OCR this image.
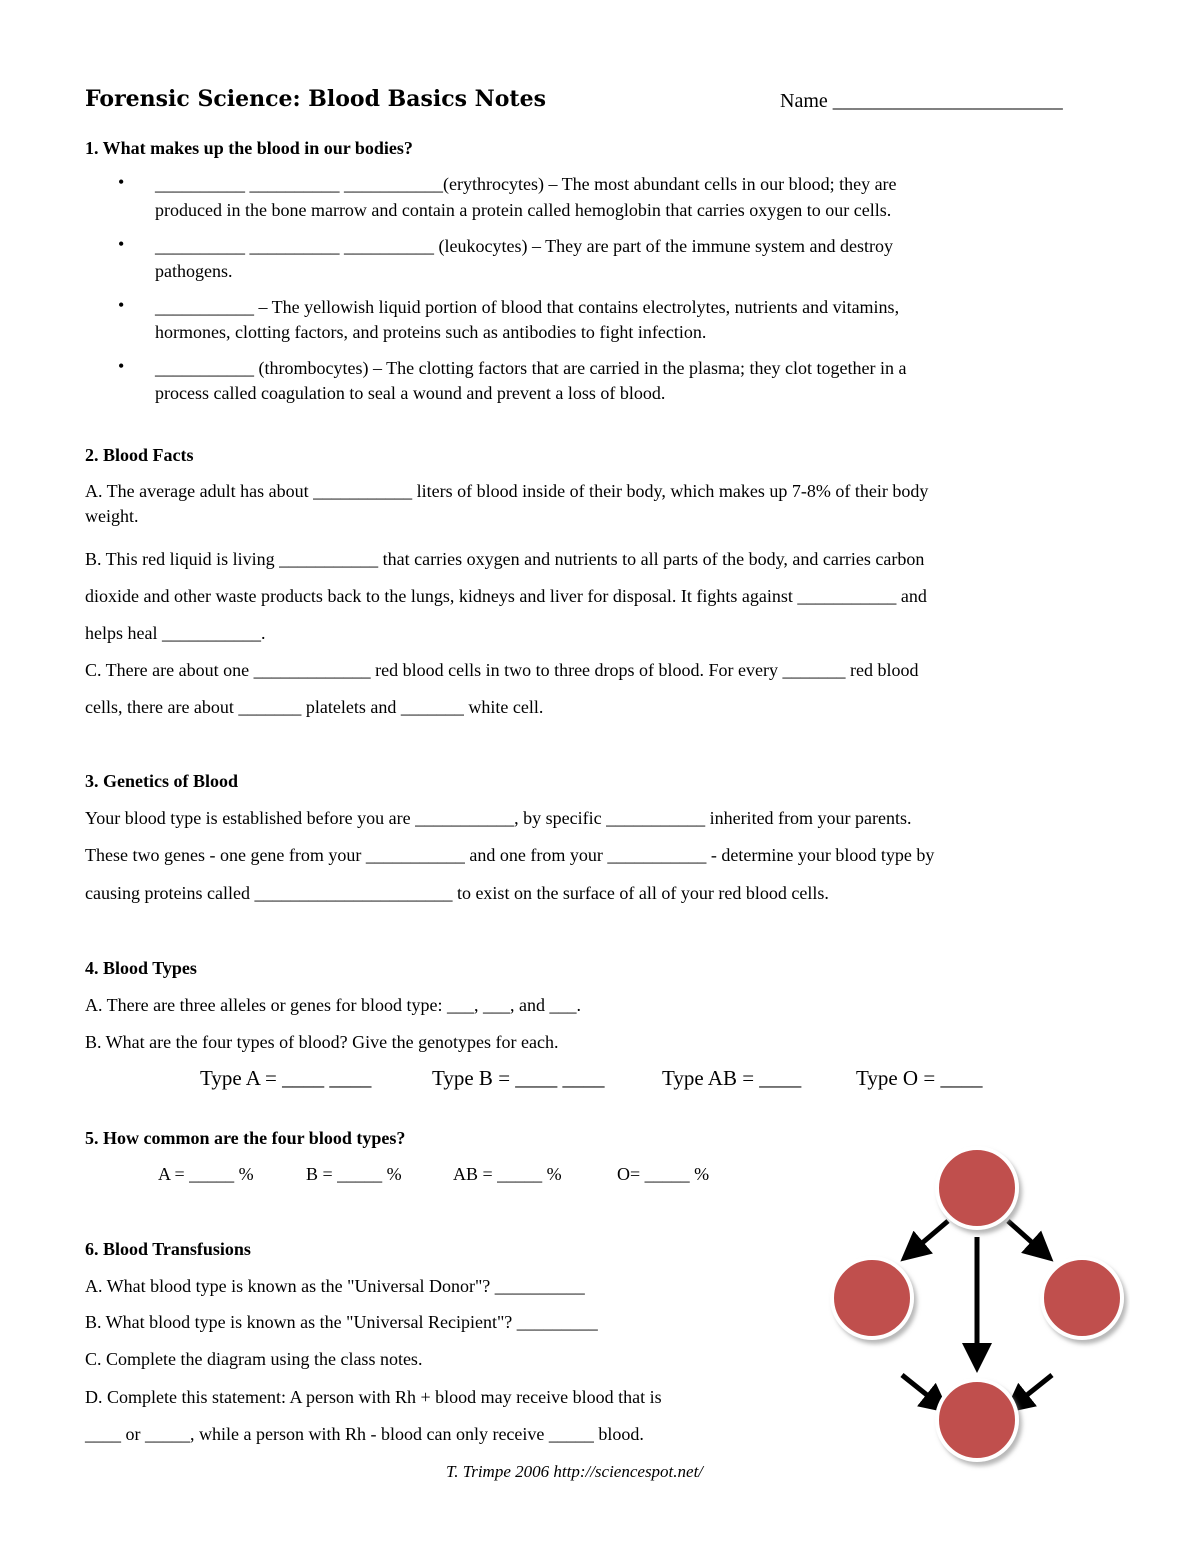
Forensic Science: Blood Basics Notes	Name _______________________
1. What makes up the blood in our bodies?
• __________ __________ ___________(erythrocytes) – The most abundant cells in our blood; they are
produced in the bone marrow and contain a protein called hemoglobin that carries oxygen to our cells.
• __________ __________ __________ (leukocytes) – They are part of the immune system and destroy
pathogens.
• ___________ – The yellowish liquid portion of blood that contains electrolytes, nutrients and vitamins,
hormones, clotting factors, and proteins such as antibodies to fight infection.
• ___________ (thrombocytes) – The clotting factors that are carried in the plasma; they clot together in a
process called coagulation to seal a wound and prevent a loss of blood.
2. Blood Facts
A. The average adult has about ___________ liters of blood inside of their body, which makes up 7-8% of their body
weight.
B. This red liquid is living ___________ that carries oxygen and nutrients to all parts of the body, and carries carbon
dioxide and other waste products back to the lungs, kidneys and liver for disposal. It fights against ___________ and
helps heal ___________.
C. There are about one _____________ red blood cells in two to three drops of blood. For every _______ red blood
cells, there are about _______ platelets and _______ white cell.
3. Genetics of Blood
Your blood type is established before you are ___________, by specific ___________ inherited from your parents.
These two genes - one gene from your ___________ and one from your ___________ - determine your blood type by
causing proteins called ______________________ to exist on the surface of all of your red blood cells.
4. Blood Types
A. There are three alleles or genes for blood type: ___, ___, and ___.
B. What are the four types of blood? Give the genotypes for each.
Type A = ____ ____	Type B = ____ ____	Type AB = ____	Type O = ____
5. How common are the four blood types?
A = _____ %	B = _____ %	AB = _____ %	O= _____ %
6. Blood Transfusions
A. What blood type is known as the "Universal Donor"? __________
B. What blood type is known as the "Universal Recipient"? _________
C. Complete the diagram using the class notes.
D. Complete this statement: A person with Rh + blood may receive blood that is
____ or _____, while a person with Rh - blood can only receive _____ blood.
T. Trimpe 2006 http://sciencespot.net/
